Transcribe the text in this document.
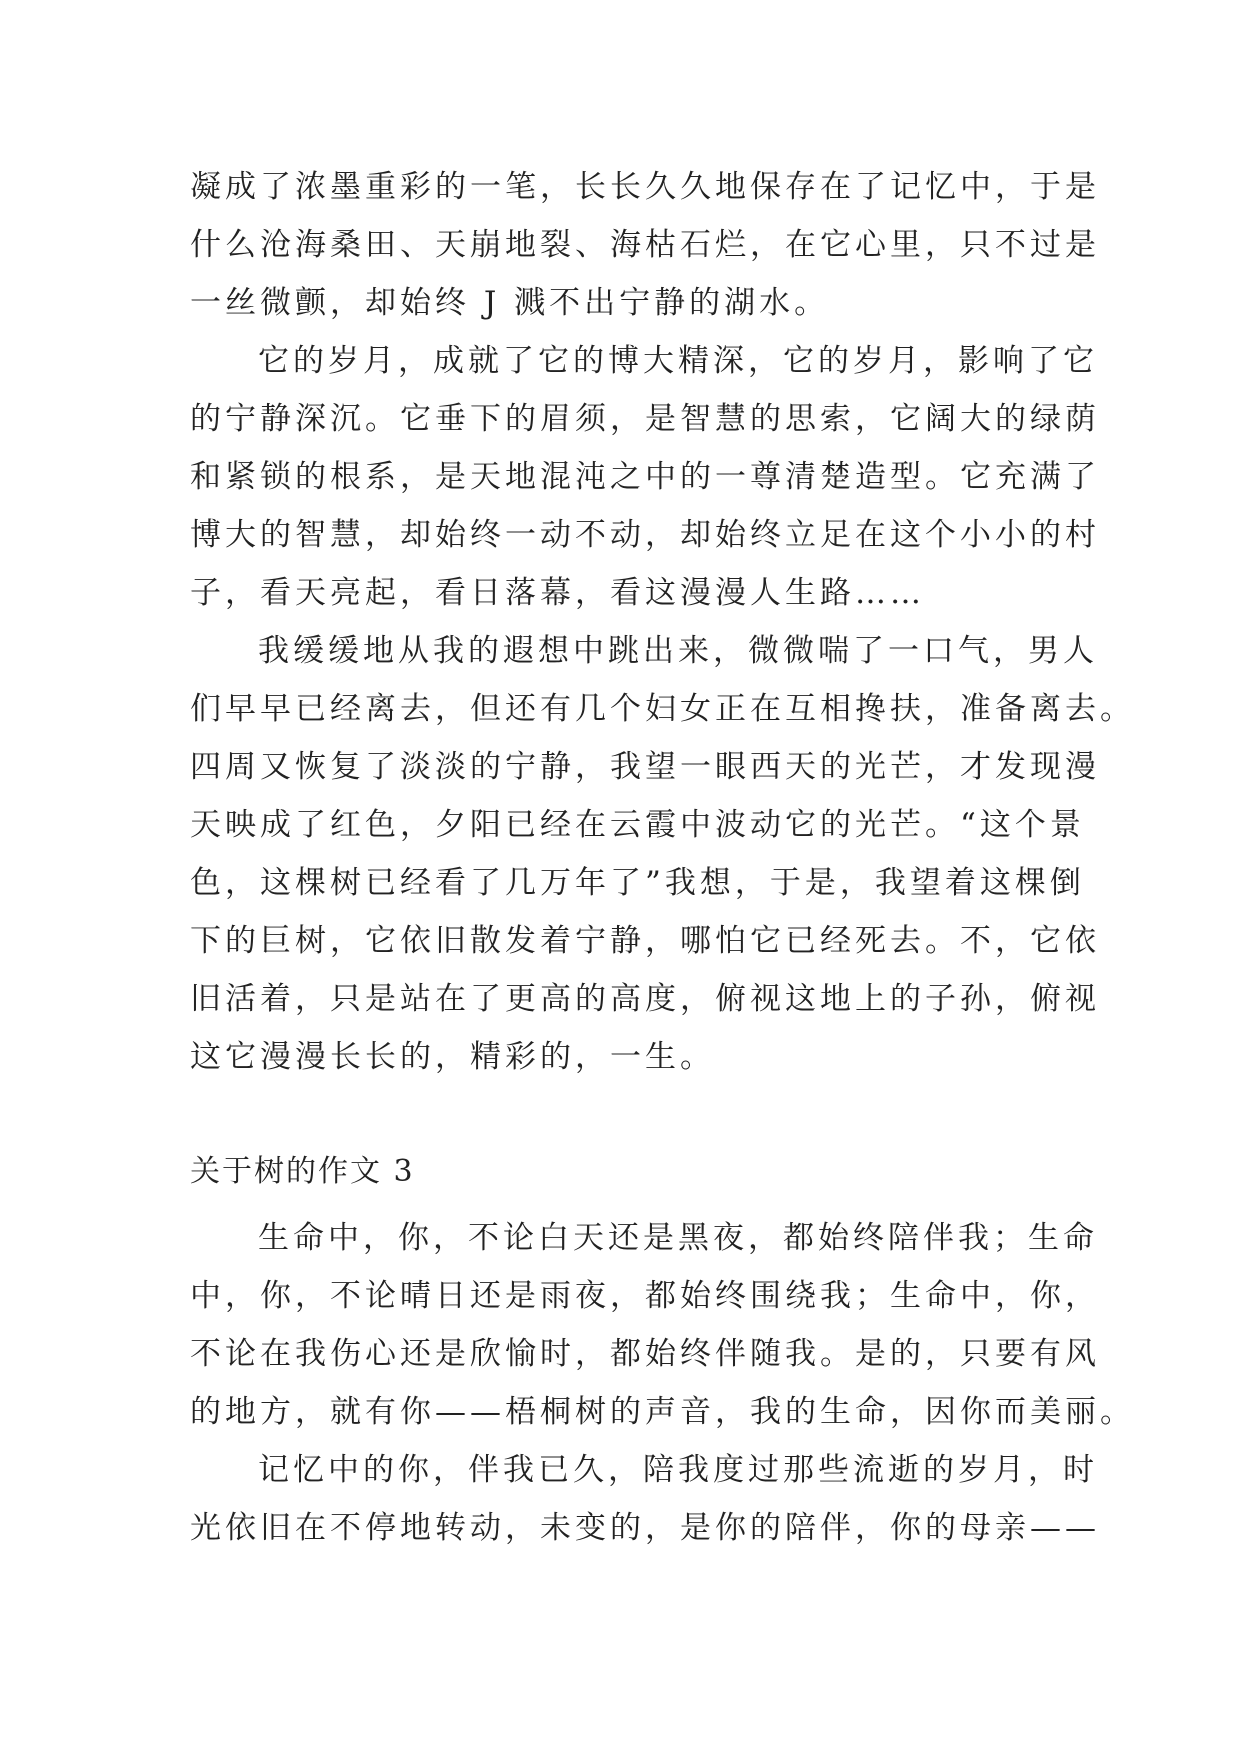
凝成了浓墨重彩的一笔，长长久久地保存在了记忆中，于是
什么沧海桑田、天崩地裂、海枯石烂，在它心里，只不过是
一丝微颤，却始终 J 溅不出宁静的湖水。
它的岁月，成就了它的博大精深，它的岁月，影响了它
的宁静深沉。它垂下的眉须，是智慧的思索，它阔大的绿荫
和紧锁的根系，是天地混沌之中的一尊清楚造型。它充满了
博大的智慧，却始终一动不动，却始终立足在这个小小的村
子，看天亮起，看日落幕，看这漫漫人生路……
我缓缓地从我的遐想中跳出来，微微喘了一口气，男人
们早早已经离去，但还有几个妇女正在互相搀扶，准备离去。
四周又恢复了淡淡的宁静，我望一眼西天的光芒，才发现漫
天映成了红色，夕阳已经在云霞中波动它的光芒。“这个景
色，这棵树已经看了几万年了”我想，于是，我望着这棵倒
下的巨树，它依旧散发着宁静，哪怕它已经死去。不，它依
旧活着，只是站在了更高的高度，俯视这地上的子孙，俯视
这它漫漫长长的，精彩的，一生。
关于树的作文 3
生命中，你，不论白天还是黑夜，都始终陪伴我；生命
中，你，不论晴日还是雨夜，都始终围绕我；生命中，你，
不论在我伤心还是欣愉时，都始终伴随我。是的，只要有风
的地方，就有你——梧桐树的声音，我的生命，因你而美丽。
记忆中的你，伴我已久，陪我度过那些流逝的岁月，时
光依旧在不停地转动，未变的，是你的陪伴，你的母亲——
